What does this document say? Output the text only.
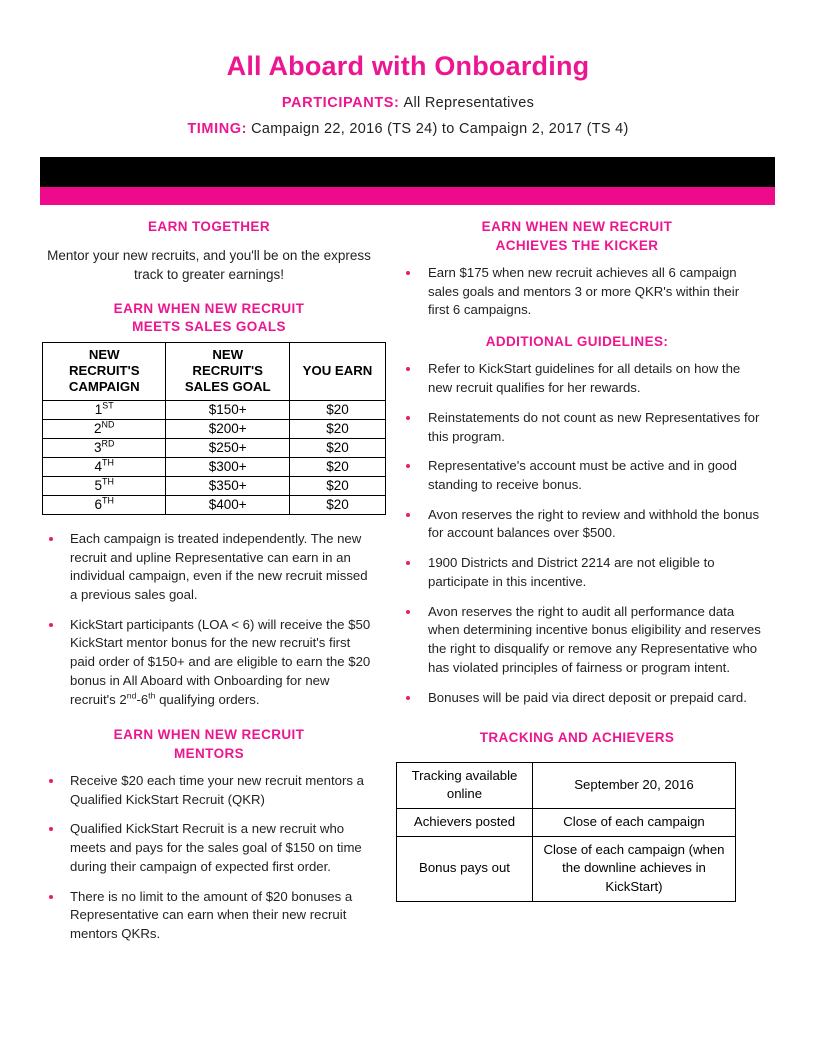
All Aboard with Onboarding

PARTICIPANTS: All Representatives

TIMING: Campaign 22, 2016 (TS 24) to Campaign 2, 2017 (TS 4)

EARN TOGETHER

Mentor your new recruits, and you'll be on the express track to greater earnings!

EARN WHEN NEW RECRUIT
MEETS SALES GOALS
NEW
RECRUIT'S
CAMPAIGN	NEW
RECRUIT'S
SALES GOAL	YOU EARN
1ST	$150+	$20
2ND	$200+	$20
3RD	$250+	$20
4TH	$300+	$20
5TH	$350+	$20
6TH	$400+	$20
Each campaign is treated independently. The new recruit and upline Representative can earn in an individual campaign, even if the new recruit missed a previous sales goal.
KickStart participants (LOA < 6) will receive the $50 KickStart mentor bonus for the new recruit's first paid order of $150+ and are eligible to earn the $20 bonus in All Aboard with Onboarding for new recruit's 2nd-6th qualifying orders.
EARN WHEN NEW RECRUIT
MENTORS
Receive $20 each time your new recruit mentors a Qualified KickStart Recruit (QKR)
Qualified KickStart Recruit is a new recruit who meets and pays for the sales goal of $150 on time during their campaign of expected first order.
There is no limit to the amount of $20 bonuses a Representative can earn when their new recruit mentors QKRs.
EARN WHEN NEW RECRUIT
ACHIEVES THE KICKER
Earn $175 when new recruit achieves all 6 campaign sales goals and mentors 3 or more QKR's within their first 6 campaigns.
ADDITIONAL GUIDELINES:
Refer to KickStart guidelines for all details on how the new recruit qualifies for her rewards.
Reinstatements do not count as new Representatives for this program.
Representative's account must be active and in good standing to receive bonus.
Avon reserves the right to review and withhold the bonus for account balances over $500.
1900 Districts and District 2214 are not eligible to participate in this incentive.
Avon reserves the right to audit all performance data when determining incentive bonus eligibility and reserves the right to disqualify or remove any Representative who has violated principles of fairness or program intent.
Bonuses will be paid via direct deposit or prepaid card.
TRACKING AND ACHIEVERS
Tracking available online	September 20, 2016
Achievers posted	Close of each campaign
Bonus pays out	Close of each campaign (when the downline achieves in KickStart)
